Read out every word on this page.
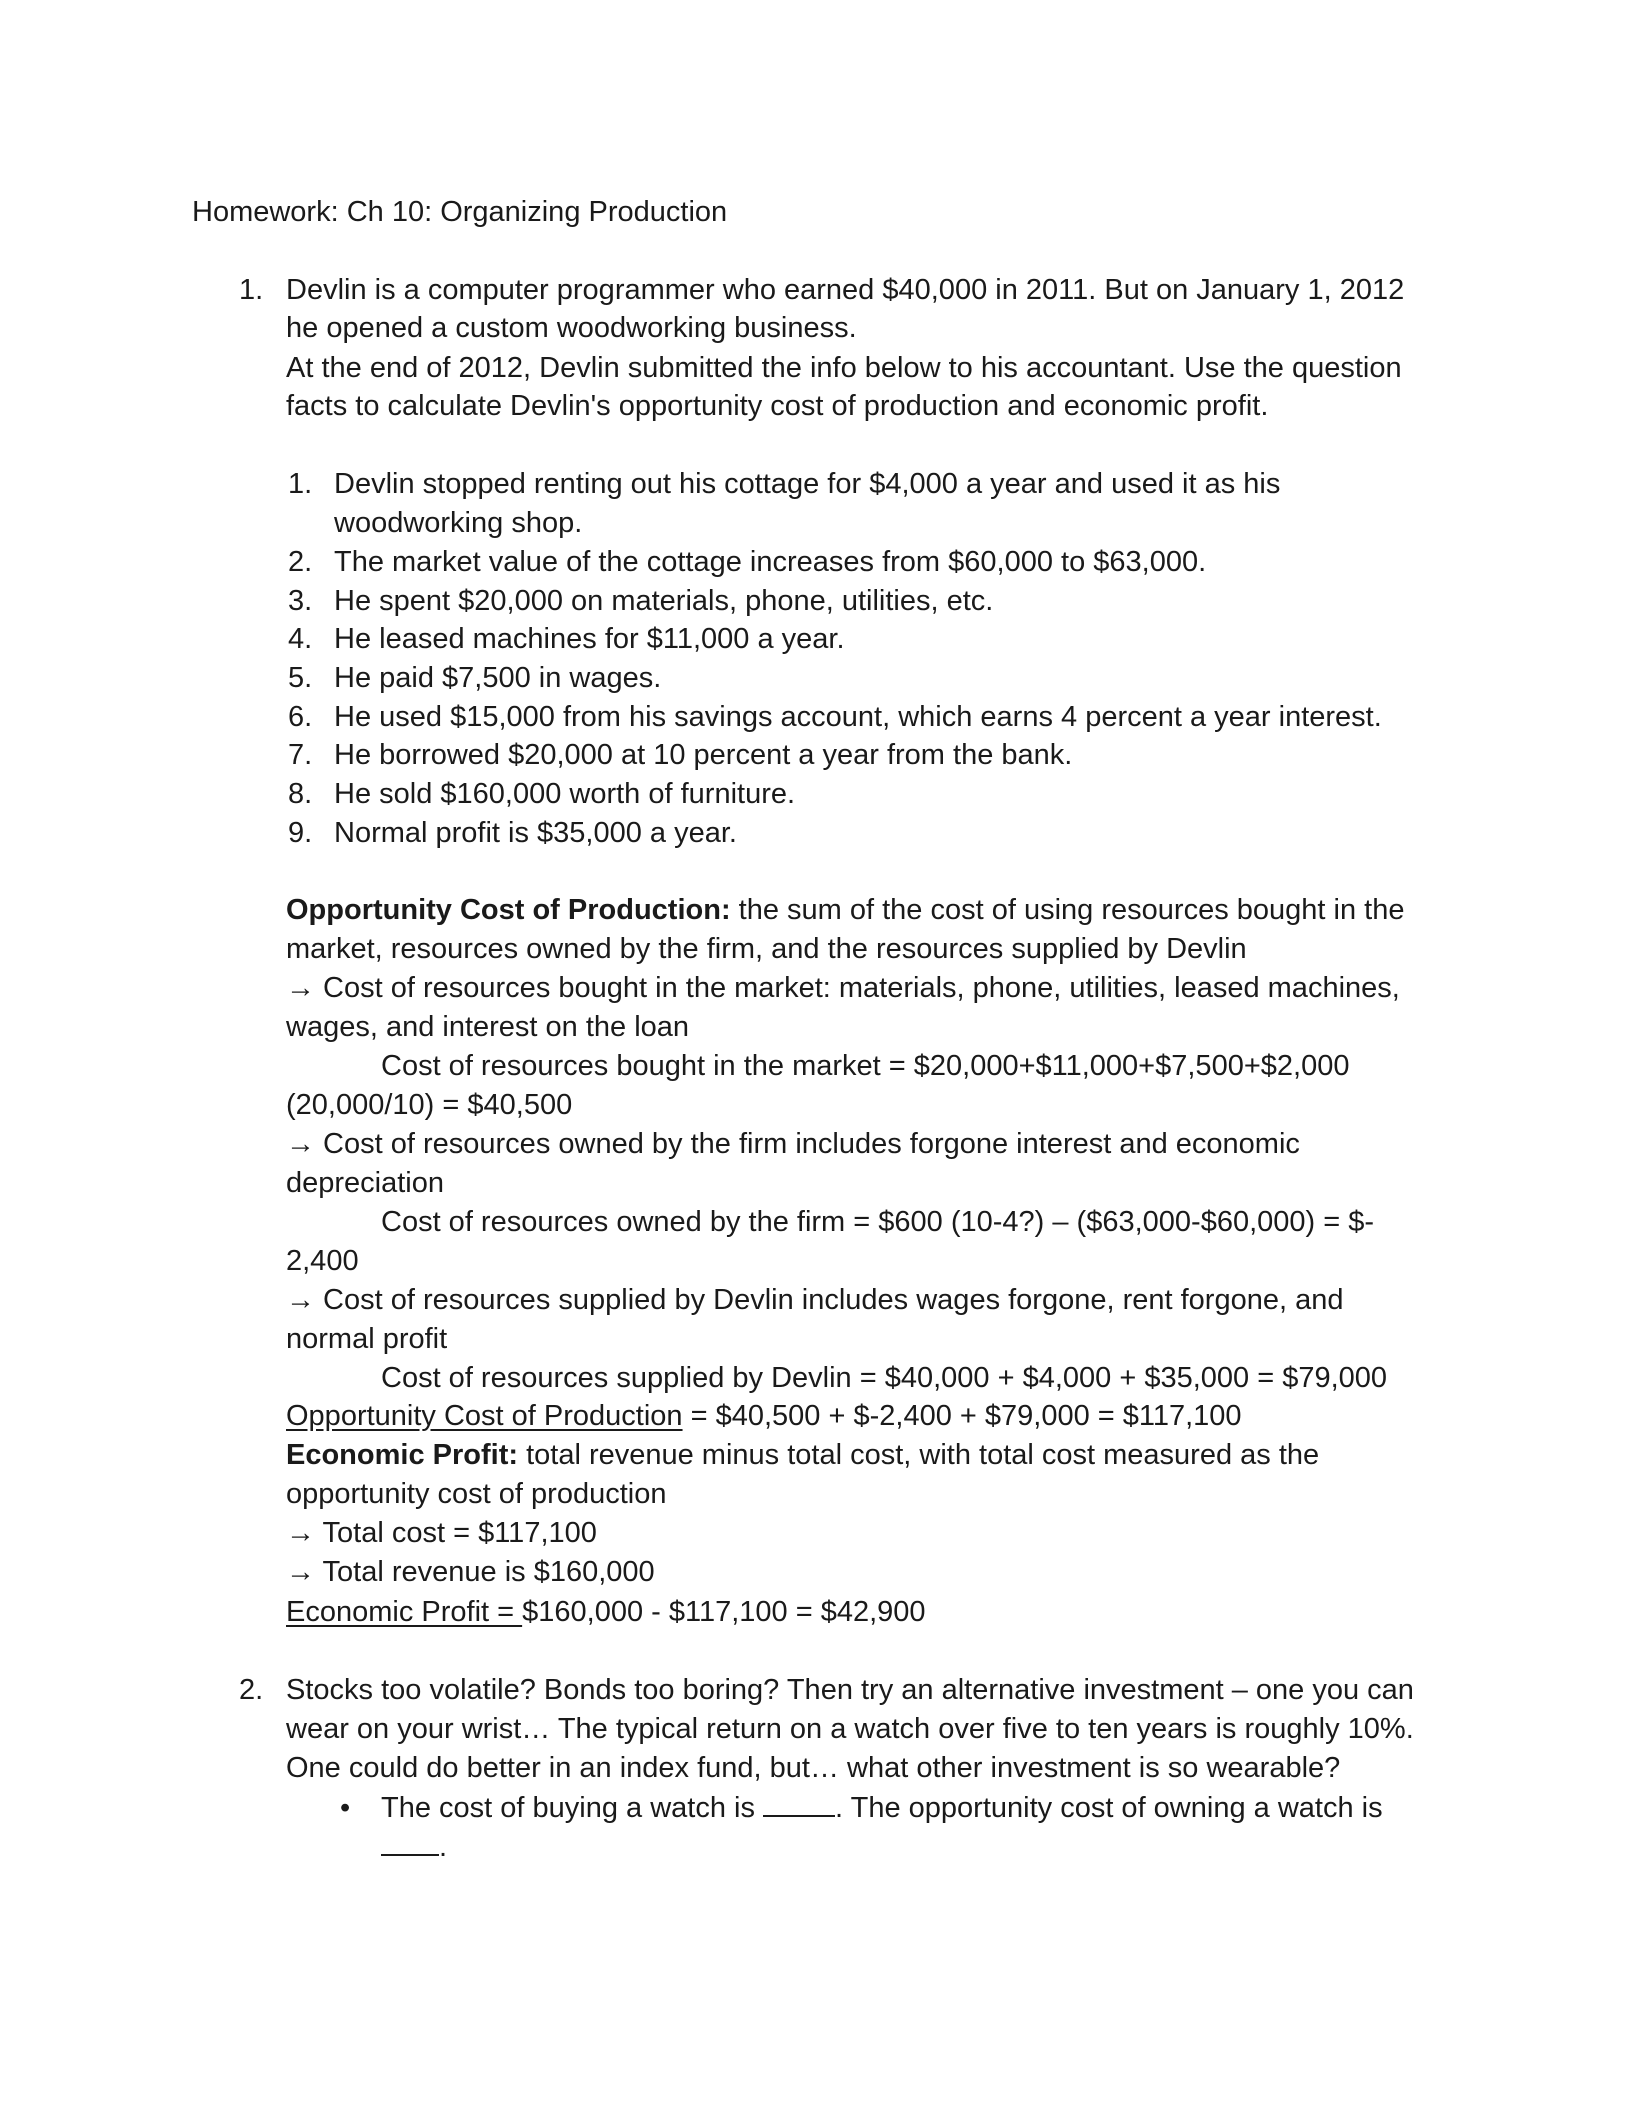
Homework: Ch 10: Organizing Production
1. Devlin is a computer programmer who earned $40,000 in 2011. But on January 1, 2012
he opened a custom woodworking business.
At the end of 2012, Devlin submitted the info below to his accountant. Use the question
facts to calculate Devlin's opportunity cost of production and economic profit.
1. Devlin stopped renting out his cottage for $4,000 a year and used it as his
woodworking shop.
2. The market value of the cottage increases from $60,000 to $63,000.
3. He spent $20,000 on materials, phone, utilities, etc.
4. He leased machines for $11,000 a year.
5. He paid $7,500 in wages.
6. He used $15,000 from his savings account, which earns 4 percent a year interest.
7. He borrowed $20,000 at 10 percent a year from the bank.
8. He sold $160,000 worth of furniture.
9. Normal profit is $35,000 a year.
Opportunity Cost of Production: the sum of the cost of using resources bought in the
market, resources owned by the firm, and the resources supplied by Devlin
→ Cost of resources bought in the market: materials, phone, utilities, leased machines,
wages, and interest on the loan
Cost of resources bought in the market = $20,000+$11,000+$7,500+$2,000
(20,000/10) = $40,500
→ Cost of resources owned by the firm includes forgone interest and economic
depreciation
Cost of resources owned by the firm = $600 (10-4?) – ($63,000-$60,000) = $-
2,400
→ Cost of resources supplied by Devlin includes wages forgone, rent forgone, and
normal profit
Cost of resources supplied by Devlin = $40,000 + $4,000 + $35,000 = $79,000
Opportunity Cost of Production = $40,500 + $-2,400 + $79,000 = $117,100
Economic Profit: total revenue minus total cost, with total cost measured as the
opportunity cost of production
→ Total cost = $117,100
→ Total revenue is $160,000
Economic Profit = $160,000 - $117,100 = $42,900
2. Stocks too volatile? Bonds too boring? Then try an alternative investment – one you can
wear on your wrist… The typical return on a watch over five to ten years is roughly 10%.
One could do better in an index fund, but… what other investment is so wearable?
• The cost of buying a watch is . The opportunity cost of owning a watch is
.
